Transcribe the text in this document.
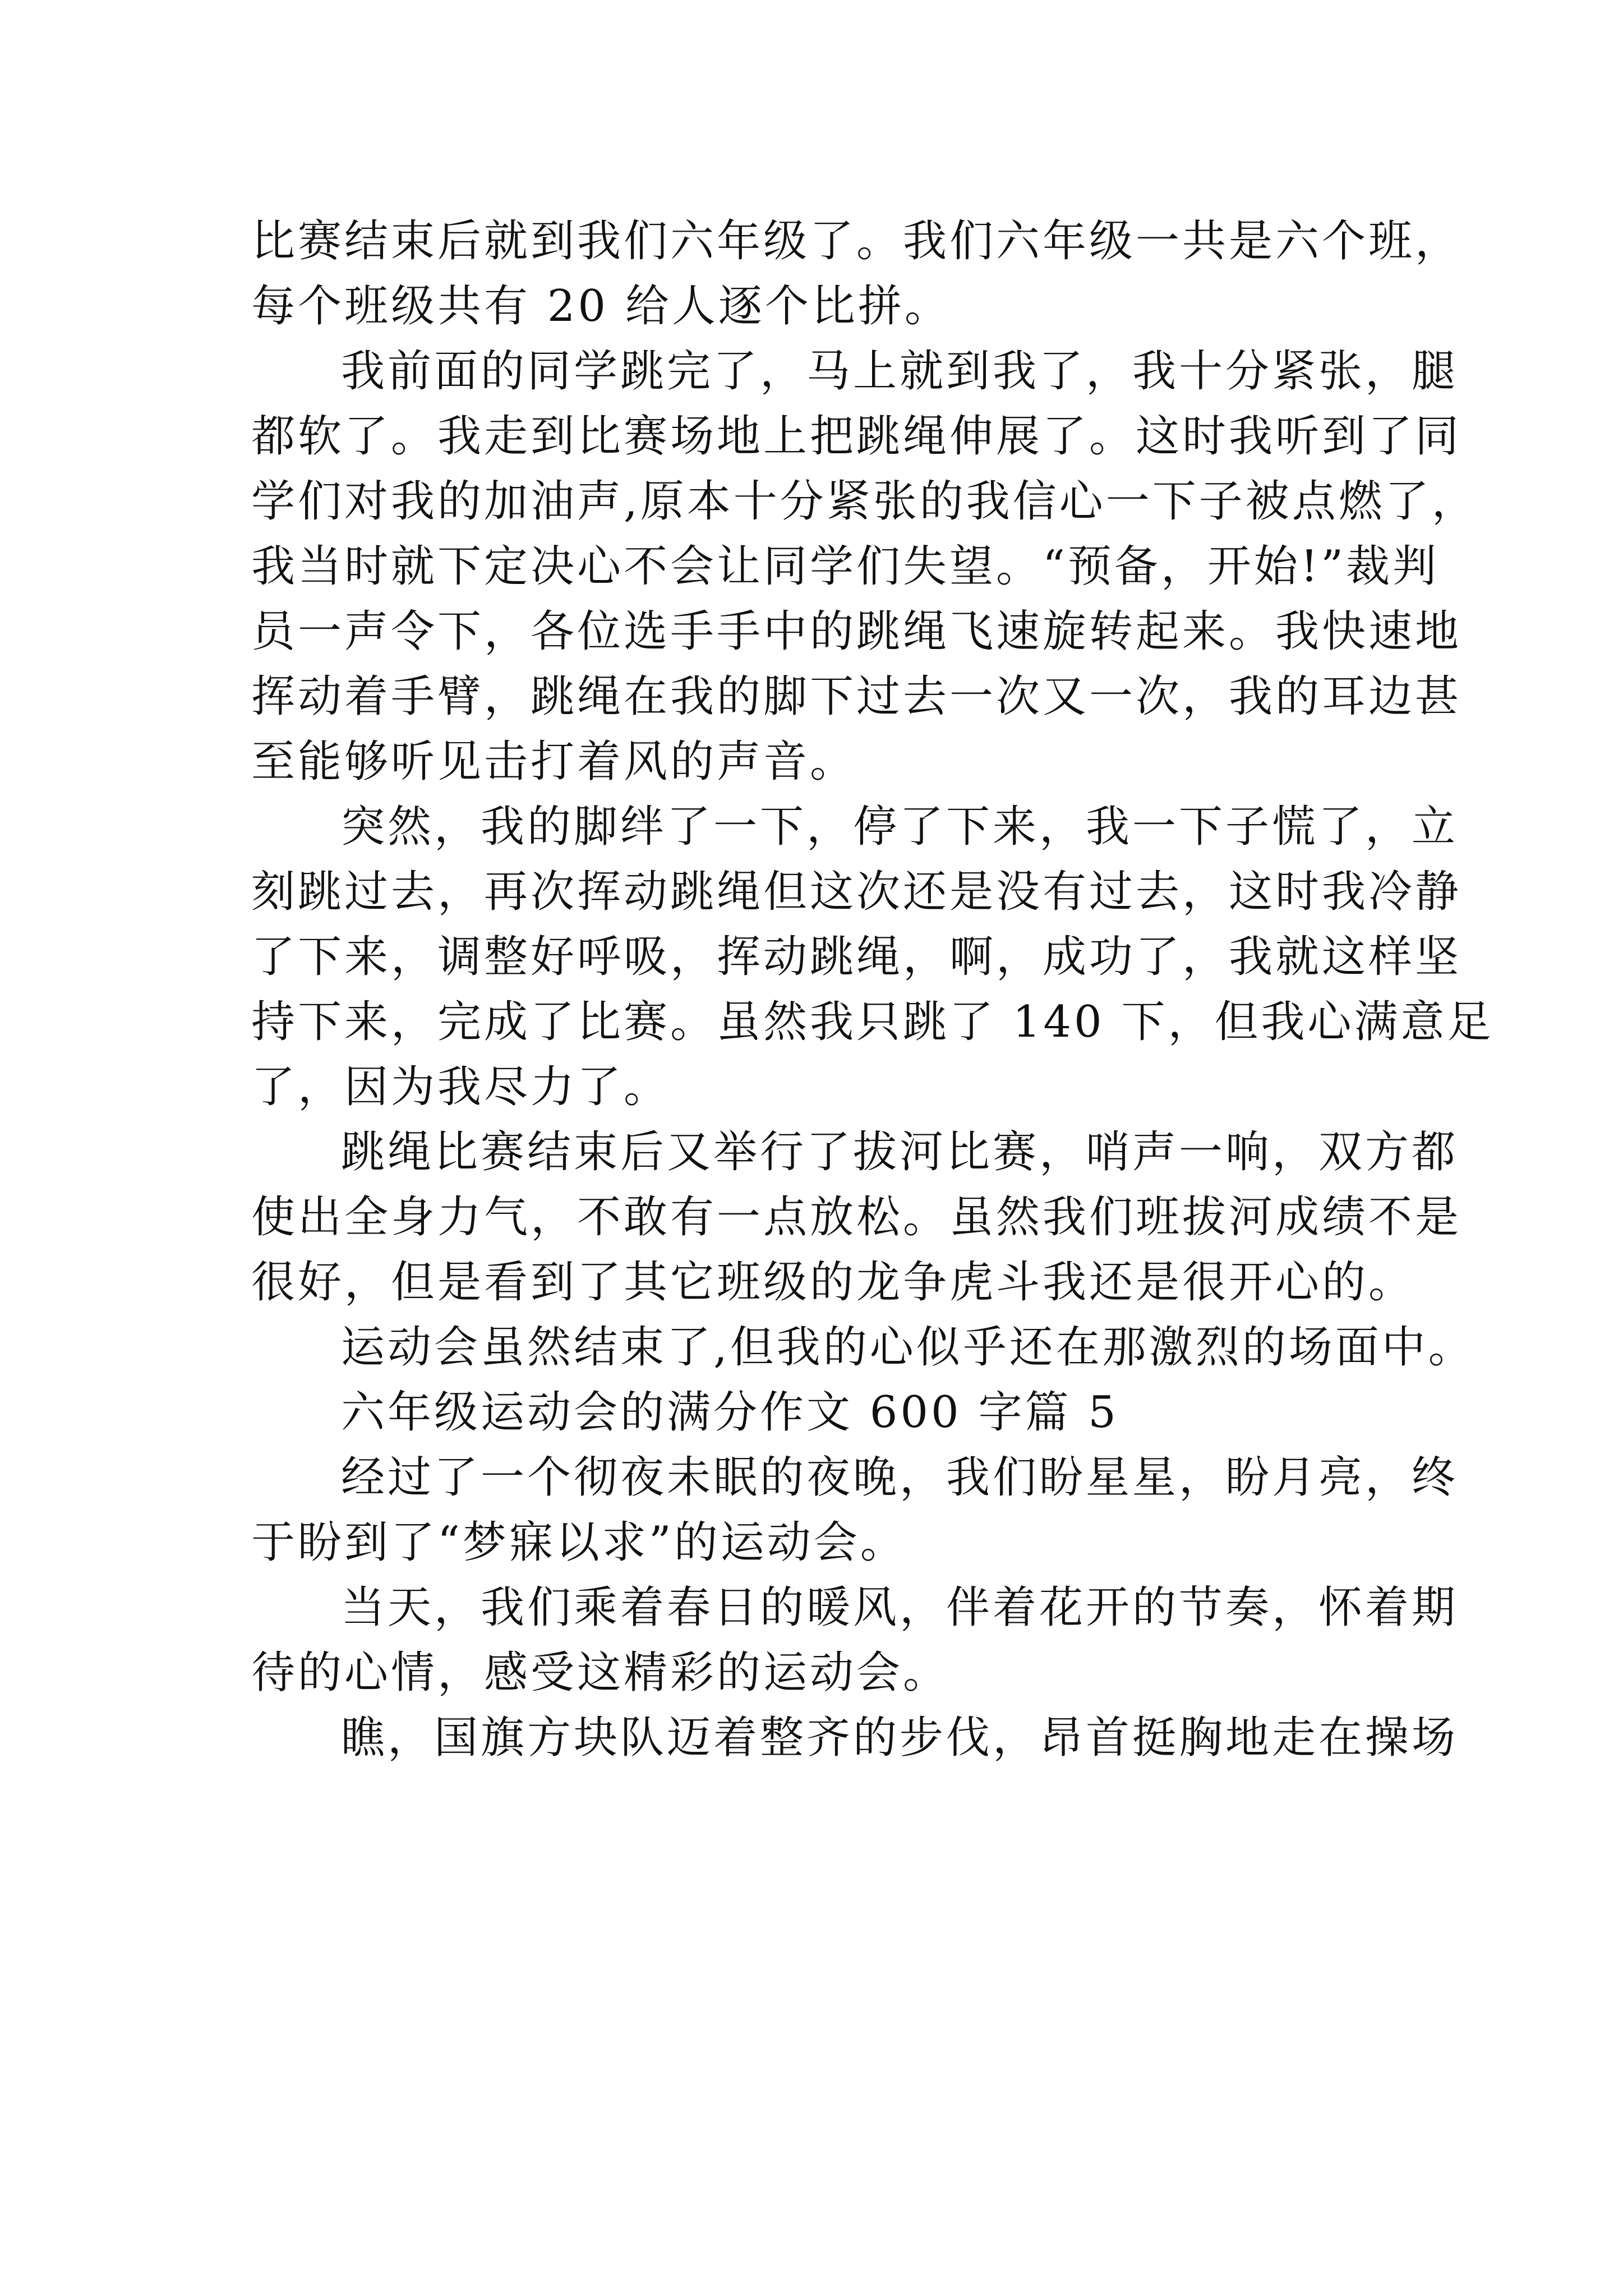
比赛结束后就到我们六年级了。我们六年级一共是六个班，
每个班级共有 20 给人逐个比拼。
我前面的同学跳完了，马上就到我了，我十分紧张，腿
都软了。我走到比赛场地上把跳绳伸展了。这时我听到了同
学们对我的加油声,原本十分紧张的我信心一下子被点燃了，
我当时就下定决心不会让同学们失望。“预备，开始!”裁判
员一声令下，各位选手手中的跳绳飞速旋转起来。我快速地
挥动着手臂，跳绳在我的脚下过去一次又一次，我的耳边甚
至能够听见击打着风的声音。
突然，我的脚绊了一下，停了下来，我一下子慌了，立
刻跳过去，再次挥动跳绳但这次还是没有过去，这时我冷静
了下来，调整好呼吸，挥动跳绳，啊，成功了，我就这样坚
持下来，完成了比赛。虽然我只跳了 140 下，但我心满意足
了，因为我尽力了。
跳绳比赛结束后又举行了拔河比赛，哨声一响，双方都
使出全身力气，不敢有一点放松。虽然我们班拔河成绩不是
很好，但是看到了其它班级的龙争虎斗我还是很开心的。
运动会虽然结束了,但我的心似乎还在那激烈的场面中。
六年级运动会的满分作文 600 字篇 5
经过了一个彻夜未眠的夜晚，我们盼星星，盼月亮，终
于盼到了“梦寐以求”的运动会。
当天，我们乘着春日的暖风，伴着花开的节奏，怀着期
待的心情，感受这精彩的运动会。
瞧，国旗方块队迈着整齐的步伐，昂首挺胸地走在操场
